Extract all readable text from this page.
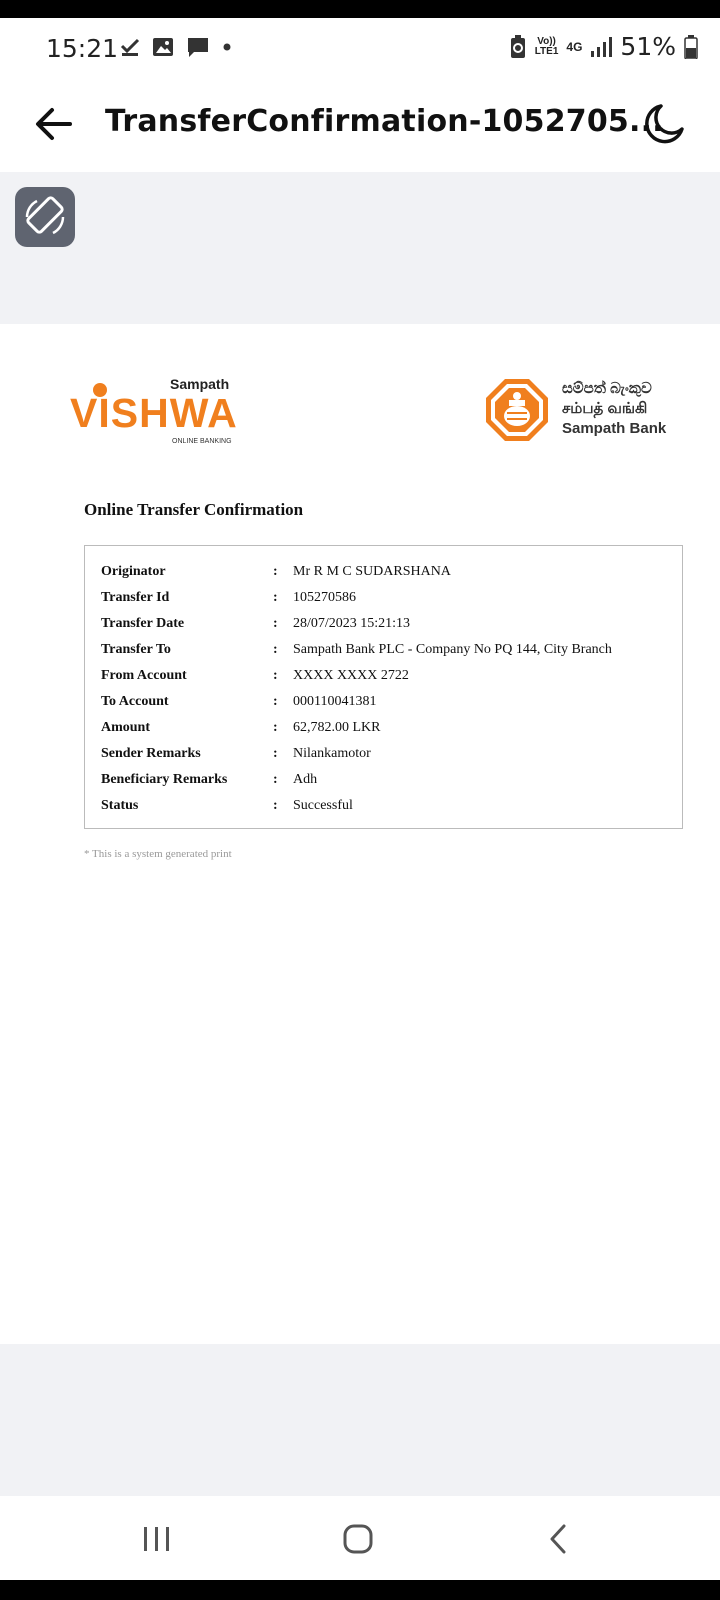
15:21	Vo))
LTE1 4G 51%
TransferConfirmation-1052705...
Sampath
VISHWA
ONLINE BANKING
සම්පත් බැංකුව
சம்பத் வங்கி
Sampath Bank
Online Transfer Confirmation
Originator	: Mr R M C SUDARSHANA
Transfer Id	: 105270586
Transfer Date	: 28/07/2023 15:21:13
Transfer To	: Sampath Bank PLC - Company No PQ 144, City Branch
From Account	: XXXX XXXX 2722
To Account	: 000110041381
Amount	: 62,782.00 LKR
Sender Remarks	: Nilankamotor
Beneficiary Remarks	: Adh
Status	: Successful
* This is a system generated print
